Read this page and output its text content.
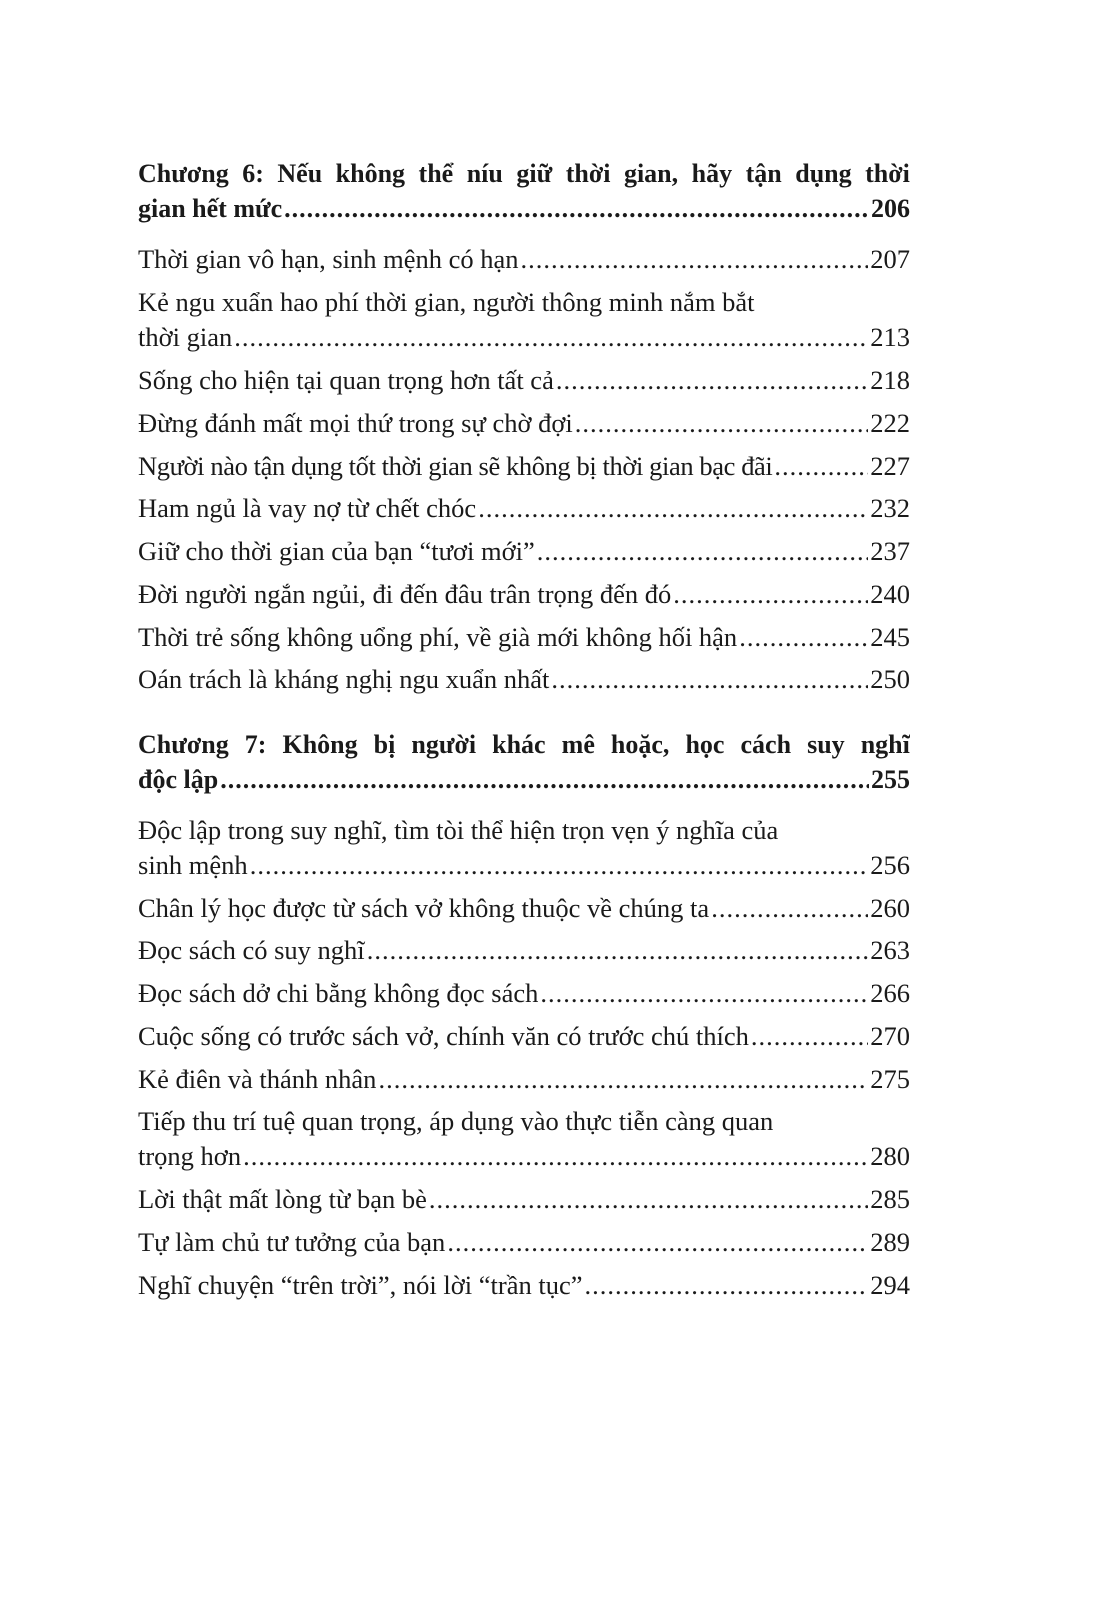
Chương 6: Nếu không thể níu giữ thời gian, hãy tận dụng thời
gian hết mức .....	206
Thời gian vô hạn, sinh mệnh có hạn .....	207
Kẻ ngu xuẩn hao phí thời gian, người thông minh nắm bắt
thời gian .....	213
Sống cho hiện tại quan trọng hơn tất cả .....	218
Đừng đánh mất mọi thứ trong sự chờ đợi .....	222
Người nào tận dụng tốt thời gian sẽ không bị thời gian bạc đãi .....	227
Ham ngủ là vay nợ từ chết chóc .....	232
Giữ cho thời gian của bạn “tươi mới” .....	237
Đời người ngắn ngủi, đi đến đâu trân trọng đến đó .....	240
Thời trẻ sống không uổng phí, về già mới không hối hận .....	245
Oán trách là kháng nghị ngu xuẩn nhất .....	250
Chương 7: Không bị người khác mê hoặc, học cách suy nghĩ
độc lập .....	255
Độc lập trong suy nghĩ, tìm tòi thể hiện trọn vẹn ý nghĩa của
sinh mệnh .....	256
Chân lý học được từ sách vở không thuộc về chúng ta .....	260
Đọc sách có suy nghĩ .....	263
Đọc sách dở chi bằng không đọc sách .....	266
Cuộc sống có trước sách vở, chính văn có trước chú thích .....	270
Kẻ điên và thánh nhân .....	275
Tiếp thu trí tuệ quan trọng, áp dụng vào thực tiễn càng quan
trọng hơn .....	280
Lời thật mất lòng từ bạn bè .....	285
Tự làm chủ tư tưởng của bạn .....	289
Nghĩ chuyện “trên trời”, nói lời “trần tục” .....	294
